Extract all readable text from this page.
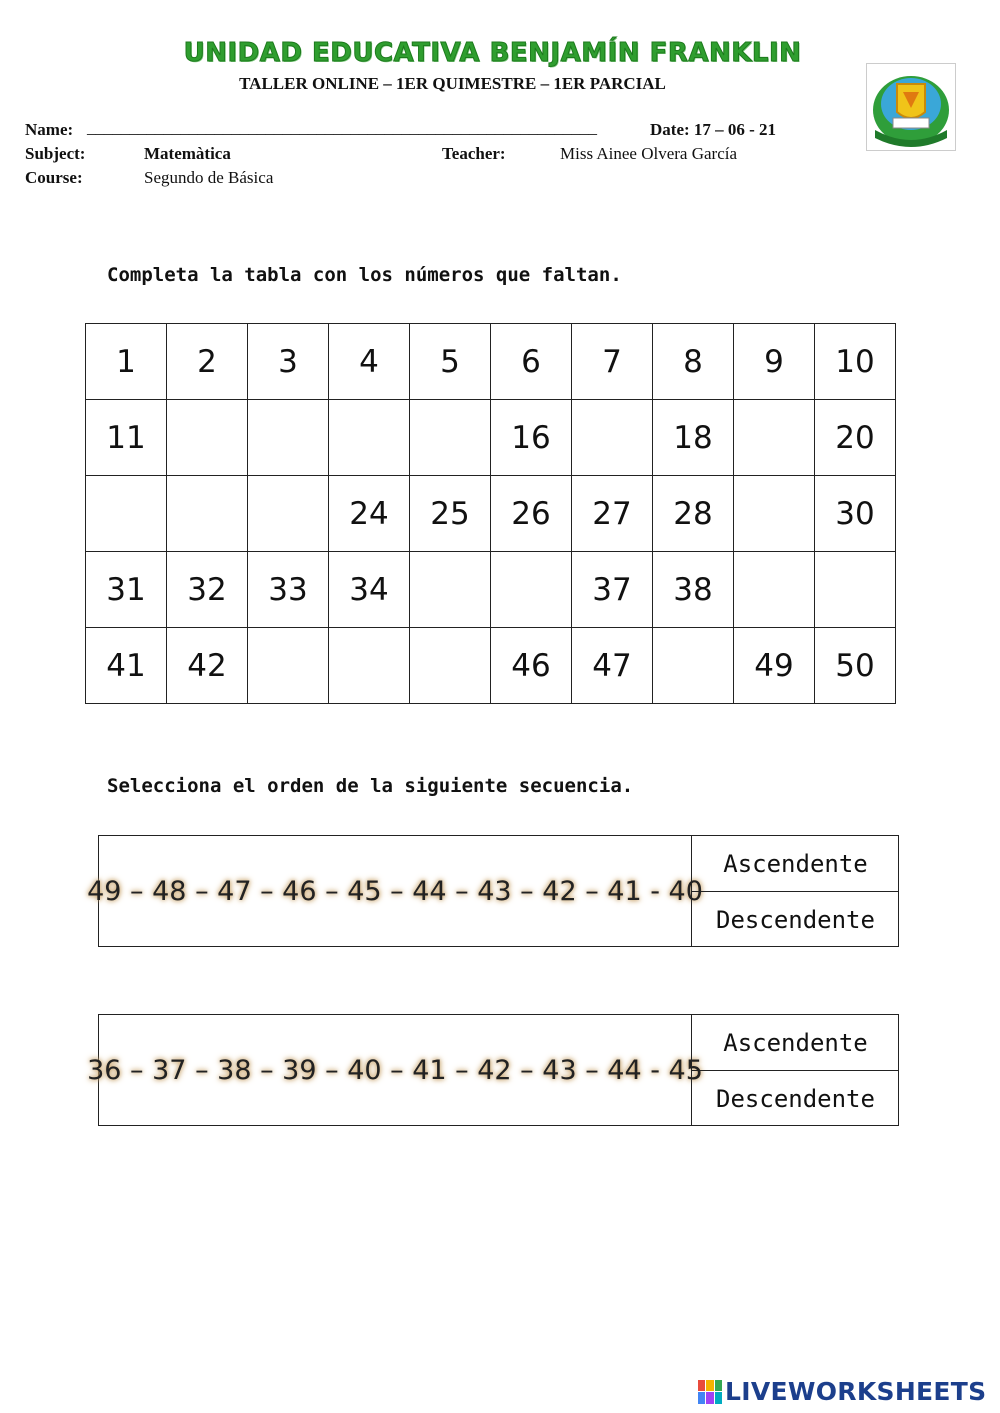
UNIDAD EDUCATIVA BENJAMÍN FRANKLIN
TALLER ONLINE – 1ER QUIMESTRE – 1ER PARCIAL
Name: ____________________________________________________________	Date: 17 – 06 - 21
Subject:	Matemàtica	Teacher:	Miss Ainee Olvera García
Course:	Segundo de Básica
Completa la tabla con los números que faltan.
1	2	3	4	5	6	7	8	9	10
11					16		18		20
			24	25	26	27	28		30
31	32	33	34			37	38		
41	42				46	47		49	50
Selecciona el orden de la siguiente secuencia.
49 – 48 – 47 – 46 – 45 – 44 – 43 – 42 – 41 - 40
Ascendente
Descendente
36 – 37 – 38 – 39 – 40 – 41 – 42 – 43 – 44 - 45
Ascendente
Descendente
LIVEWORKSHEETS
